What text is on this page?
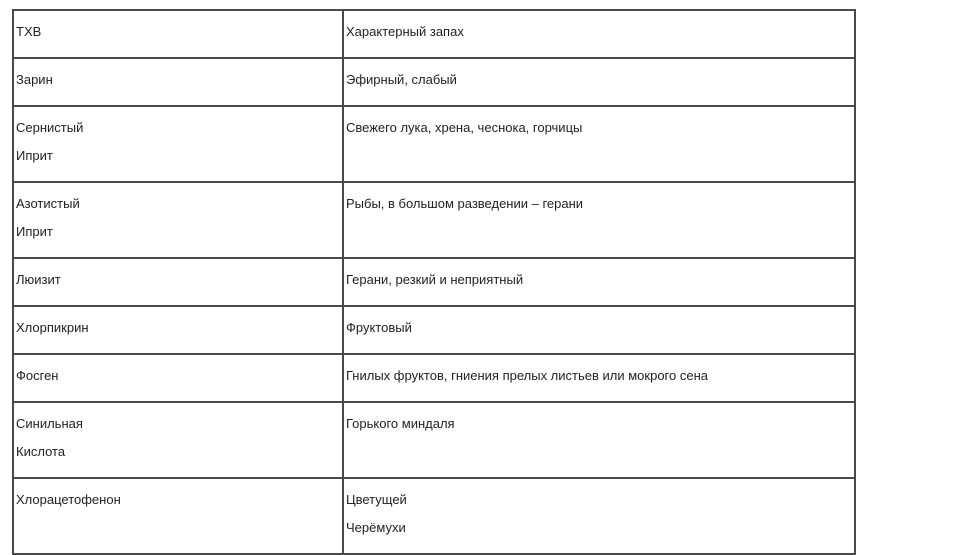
ТХВ	Характерный запах

Зарин	Эфирный, слабый

Сернистый
Иприт	Свежего лука, хрена, чеснока, горчицы

Азотистый
Иприт	Рыбы, в большом разведении – герани

Люизит	Герани, резкий и неприятный

Хлорпикрин	Фруктовый

Фосген	Гнилых фруктов, гниения прелых листьев или мокрого сена

Синильная
Кислота	Горького миндаля

Хлорацетофенон	Цветущей
Черёмухи
